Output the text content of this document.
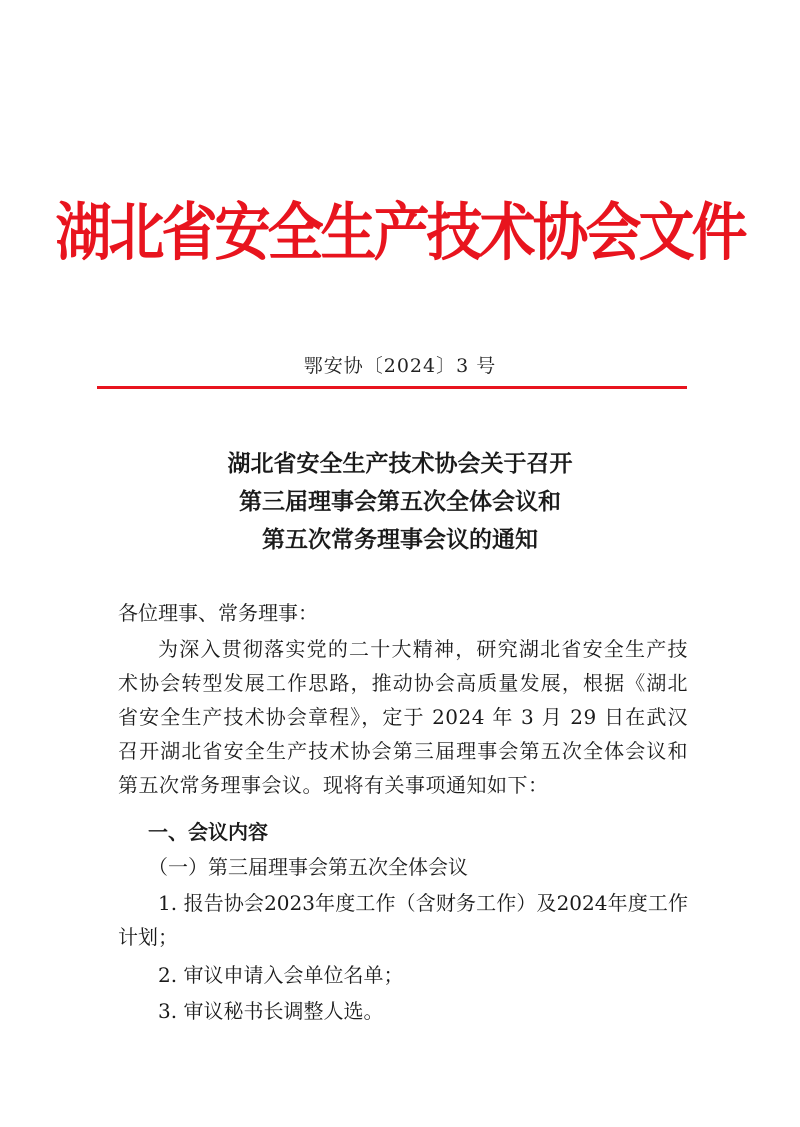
湖北省安全生产技术协会文件
鄂安协〔2024〕3 号
湖北省安全生产技术协会关于召开
第三届理事会第五次全体会议和
第五次常务理事会议的通知
各位理事、常务理事：
为深入贯彻落实党的二十大精神，研究湖北省安全生产技术协会转型发展工作思路，推动协会高质量发展，根据《湖北省安全生产技术协会章程》，定于 2024 年 3 月 29 日在武汉召开湖北省安全生产技术协会第三届理事会第五次全体会议和第五次常务理事会议。现将有关事项通知如下：
一、会议内容
（一）第三届理事会第五次全体会议
1. 报告协会2023年度工作（含财务工作）及2024年度工作计划；
2. 审议申请入会单位名单；
3. 审议秘书长调整人选。
